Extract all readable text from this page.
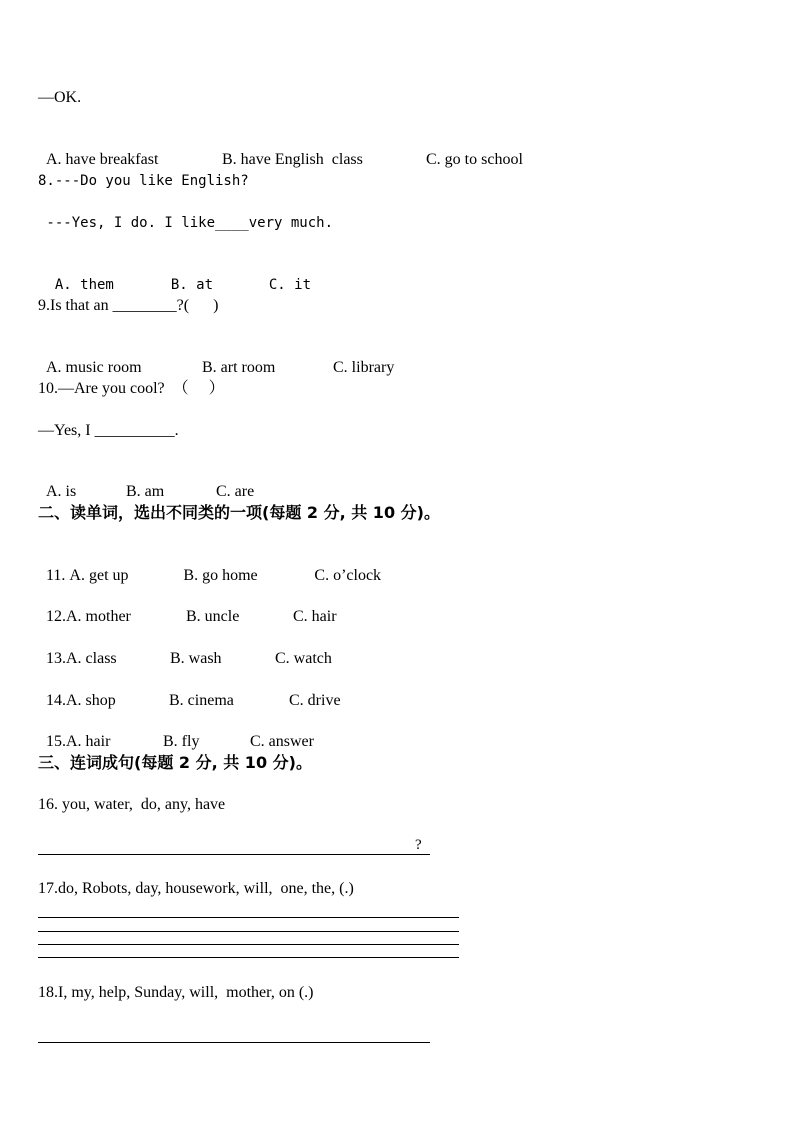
—OK.

A. have breakfast	B. have English  class	C. go to school

8.---Do you like English?
---Yes, I do. I like____very much.

A. them	B. at	C. it

9.Is that an ________?(      )

A. music room	B. art room	C. library

10.—Are you cool?  （     ）
—Yes, I __________.

A. is	B. am	C. are

二、读单词，选出不同类的一项(每题 2 分, 共 10 分)。

11. A. get up	B. go home	C. o’clock

12.A. mother	B. uncle	C. hair

13.A. class	B. wash	C. watch

14.A. shop	B. cinema	C. drive

15.A. hair	B. fly	C. answer

三、连词成句(每题 2 分, 共 10 分)。
16. you, water,  do, any, have
?
17.do, Robots, day, housework, will,  one, the, (.)
18.I, my, help, Sunday, will,  mother, on (.)
